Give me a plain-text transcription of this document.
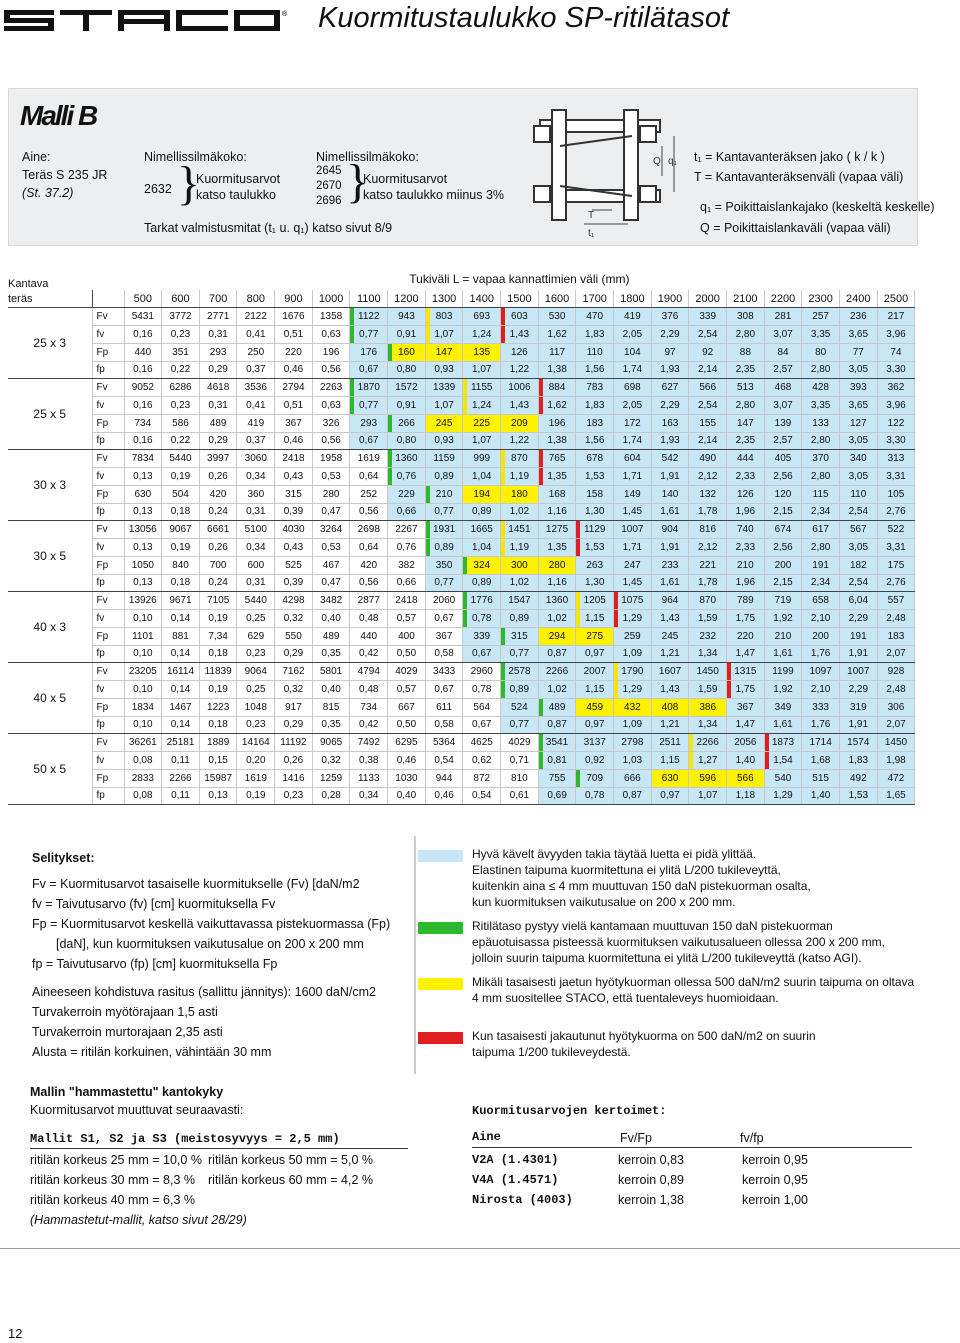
® Kuormitustaulukko SP-ritilätasot
Malli B
Aine:
Teräs S 235 JR
(St. 37.2)
Nimellissilmäkoko:
2632 }
Kuormitusarvot
katso taulukko
Nimellissilmäkoko:
2645
2670
2696 }
Kuormitusarvot
katso taulukko miinus 3%
Tarkat valmistusmitat (t₁ u. q₁) katso sivut 8/9
Q q₁
T
t₁
t₁ = Kantavanteräksen jako ( k / k )
T = Kantavanteräksenväli (vapaa väli)
q₁ = Poikittaislankajako (keskeltä keskelle)
Q = Poikittaislankaväli (vapaa väli)
Kantava		Tukiväli L = vapaa kannattimien väli (mm)																				
teräs		500	600	700	800	900	1000	1100	1200	1300	1400	1500	1600	1700	1800	1900	2000	2100	2200	2300	2400	2500
25 x 3	Fv	5431	3772	2771	2122	1676	1358	1122	943	803	693	603	530	470	419	376	339	308	281	257	236	217
	fv	0,16	0,23	0,31	0,41	0,51	0,63	0,77	0,91	1,07	1,24	1,43	1,62	1,83	2,05	2,29	2,54	2,80	3,07	3,35	3,65	3,96
	Fp	440	351	293	250	220	196	176	160	147	135	126	117	110	104	97	92	88	84	80	77	74
	fp	0,16	0,22	0,29	0,37	0,46	0,56	0,67	0,80	0,93	1,07	1,22	1,38	1,56	1,74	1,93	2,14	2,35	2,57	2,80	3,05	3,30
25 x 5	Fv	9052	6286	4618	3536	2794	2263	1870	1572	1339	1155	1006	884	783	698	627	566	513	468	428	393	362
	fv	0,16	0,23	0,31	0,41	0,51	0,63	0,77	0,91	1,07	1,24	1,43	1,62	1,83	2,05	2,29	2,54	2,80	3,07	3,35	3,65	3,96
	Fp	734	586	489	419	367	326	293	266	245	225	209	196	183	172	163	155	147	139	133	127	122
	fp	0,16	0,22	0,29	0,37	0,46	0,56	0,67	0,80	0,93	1,07	1,22	1,38	1,56	1,74	1,93	2,14	2,35	2,57	2,80	3,05	3,30
30 x 3	Fv	7834	5440	3997	3060	2418	1958	1619	1360	1159	999	870	765	678	604	542	490	444	405	370	340	313
	fv	0,13	0,19	0,26	0,34	0,43	0,53	0,64	0,76	0,89	1,04	1,19	1,35	1,53	1,71	1,91	2,12	2,33	2,56	2,80	3,05	3,31
	Fp	630	504	420	360	315	280	252	229	210	194	180	168	158	149	140	132	126	120	115	110	105
	fp	0,13	0,18	0,24	0,31	0,39	0,47	0,56	0,66	0,77	0,89	1,02	1,16	1,30	1,45	1,61	1,78	1,96	2,15	2,34	2,54	2,76
30 x 5	Fv	13056	9067	6661	5100	4030	3264	2698	2267	1931	1665	1451	1275	1129	1007	904	816	740	674	617	567	522
	fv	0,13	0,19	0,26	0,34	0,43	0,53	0,64	0,76	0,89	1,04	1,19	1,35	1,53	1,71	1,91	2,12	2,33	2,56	2,80	3,05	3,31
	Fp	1050	840	700	600	525	467	420	382	350	324	300	280	263	247	233	221	210	200	191	182	175
	fp	0,13	0,18	0,24	0,31	0,39	0,47	0,56	0,66	0,77	0,89	1,02	1,16	1,30	1,45	1,61	1,78	1,96	2,15	2,34	2,54	2,76
40 x 3	Fv	13926	9671	7105	5440	4298	3482	2877	2418	2060	1776	1547	1360	1205	1075	964	870	789	719	658	6,04	557
	fv	0,10	0,14	0,19	0,25	0,32	0,40	0,48	0,57	0,67	0,78	0,89	1,02	1,15	1,29	1,43	1,59	1,75	1,92	2,10	2,29	2,48
	Fp	1101	881	7,34	629	550	489	440	400	367	339	315	294	275	259	245	232	220	210	200	191	183
	fp	0,10	0,14	0,18	0,23	0,29	0,35	0,42	0,50	0,58	0,67	0,77	0,87	0,97	1,09	1,21	1,34	1,47	1,61	1,76	1,91	2,07
40 x 5	Fv	23205	16114	11839	9064	7162	5801	4794	4029	3433	2960	2578	2266	2007	1790	1607	1450	1315	1199	1097	1007	928
	fv	0,10	0,14	0,19	0,25	0,32	0,40	0,48	0,57	0,67	0,78	0,89	1,02	1,15	1,29	1,43	1,59	1,75	1,92	2,10	2,29	2,48
	Fp	1834	1467	1223	1048	917	815	734	667	611	564	524	489	459	432	408	386	367	349	333	319	306
	fp	0,10	0,14	0,18	0,23	0,29	0,35	0,42	0,50	0,58	0,67	0,77	0,87	0,97	1,09	1,21	1,34	1,47	1,61	1,76	1,91	2,07
50 x 5	Fv	36261	25181	1889	14164	11192	9065	7492	6295	5364	4625	4029	3541	3137	2798	2511	2266	2056	1873	1714	1574	1450
	fv	0,08	0,11	0,15	0,20	0,26	0,32	0,38	0,46	0,54	0,62	0,71	0,81	0,92	1,03	1,15	1,27	1,40	1,54	1,68	1,83	1,98
	Fp	2833	2266	15987	1619	1416	1259	1133	1030	944	872	810	755	709	666	630	596	566	540	515	492	472
	fp	0,08	0,11	0,13	0,19	0,23	0,28	0,34	0,40	0,46	0,54	0,61	0,69	0,78	0,87	0,97	1,07	1,18	1,29	1,40	1,53	1,65
Selitykset:
Fv = Kuormitusarvot tasaiselle kuormitukselle (Fv) [daN/m2
fv = Taivutusarvo (fv) [cm] kuormituksella Fv
Fp = Kuormitusarvot keskellä vaikuttavassa pistekuormassa (Fp)
[daN], kun kuormituksen vaikutusalue on 200 x 200 mm
fp = Taivutusarvo (fp) [cm] kuormituksella Fp
Aineeseen kohdistuva rasitus (sallittu jännitys): 1600 daN/cm2
Turvakerroin myötörajaan 1,5 asti
Turvakerroin murtorajaan 2,35 asti
Alusta = ritilän korkuinen, vähintään 30 mm
Hyvä kävelt ävyyden takia täytää luetta ei pidä ylittää.
Elastinen taipuma kuormitettuna ei ylitä L/200 tukileveyttä,
kuitenkin aina ≤ 4 mm muuttuvan 150 daN pistekuorman osalta,
kun kuormituksen vaikutusalue on 200 x 200 mm.
Ritilätaso pystyy vielä kantamaan muuttuvan 150 daN pistekuorman
epäuotuisassa pisteessä kuormituksen vaikutusalueen ollessa 200 x 200 mm,
jolloin suurin taipuma kuormitettuna ei ylitä L/200 tukileveyttä (katso AGI).
Mikäli tasaisesti jaetun hyötykuorman ollessa 500 daN/m2 suurin taipuma on oltava
4 mm suositellee STACO, että tuentaleveys huomioidaan.
Kun tasaisesti jakautunut hyötykuorma on 500 daN/m2 on suurin
taipuma 1/200 tukileveydestä.
Mallin "hammastettu" kantokyky
Kuormitusarvot muuttuvat seuraavasti:
Mallit S1, S2 ja S3 (meistosyvyys = 2,5 mm)
ritilän korkeus 25 mm = 10,0 % ritilän korkeus 50 mm = 5,0 %
ritilän korkeus 30 mm = 8,3 % ritilän korkeus 60 mm = 4,2 %
ritilän korkeus 40 mm = 6,3 %
(Hammastetut-mallit, katso sivut 28/29)
Kuormitusarvojen kertoimet:
Aine	Fv/Fp	fv/fp
V2A (1.4301)	kerroin 0,83	kerroin 0,95
V4A (1.4571)	kerroin 0,89	kerroin 0,95
Nirosta (4003)	kerroin 1,38	kerroin 1,00
12
